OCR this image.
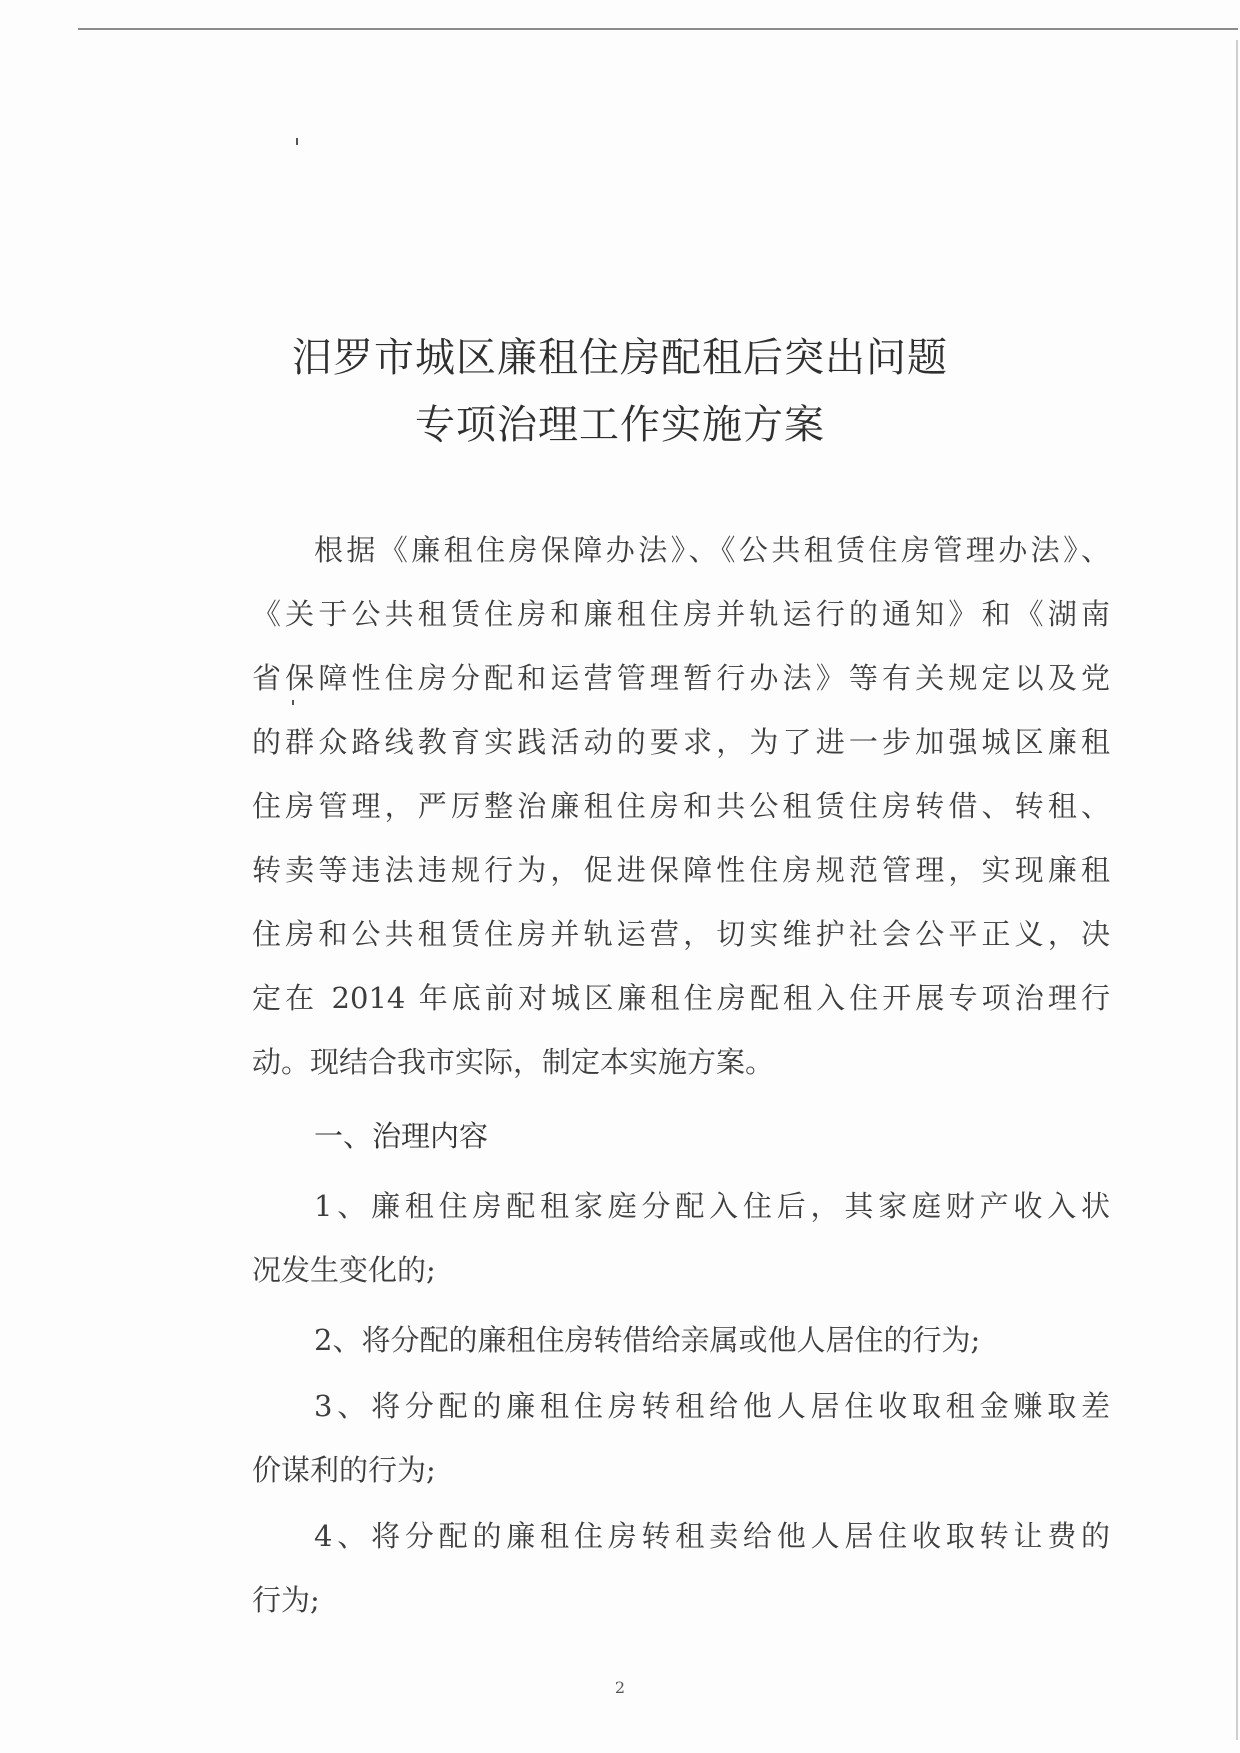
汨罗市城区廉租住房配租后突出问题
专项治理工作实施方案

根据《廉租住房保障办法》、《公共租赁住房管理办法》、

《关于公共租赁住房和廉租住房并轨运行的通知》和《湖南

省保障性住房分配和运营管理暂行办法》等有关规定以及党

的群众路线教育实践活动的要求，为了进一步加强城区廉租

住房管理，严厉整治廉租住房和共公租赁住房转借、转租、

转卖等违法违规行为，促进保障性住房规范管理，实现廉租

住房和公共租赁住房并轨运营，切实维护社会公平正义，决

定在 2014 年底前对城区廉租住房配租入住开展专项治理行

动。现结合我市实际，制定本实施方案。

一、治理内容

1、廉租住房配租家庭分配入住后，其家庭财产收入状

况发生变化的;

2、将分配的廉租住房转借给亲属或他人居住的行为;

3、将分配的廉租住房转租给他人居住收取租金赚取差

价谋利的行为;

4、将分配的廉租住房转租卖给他人居住收取转让费的

行为;

2
